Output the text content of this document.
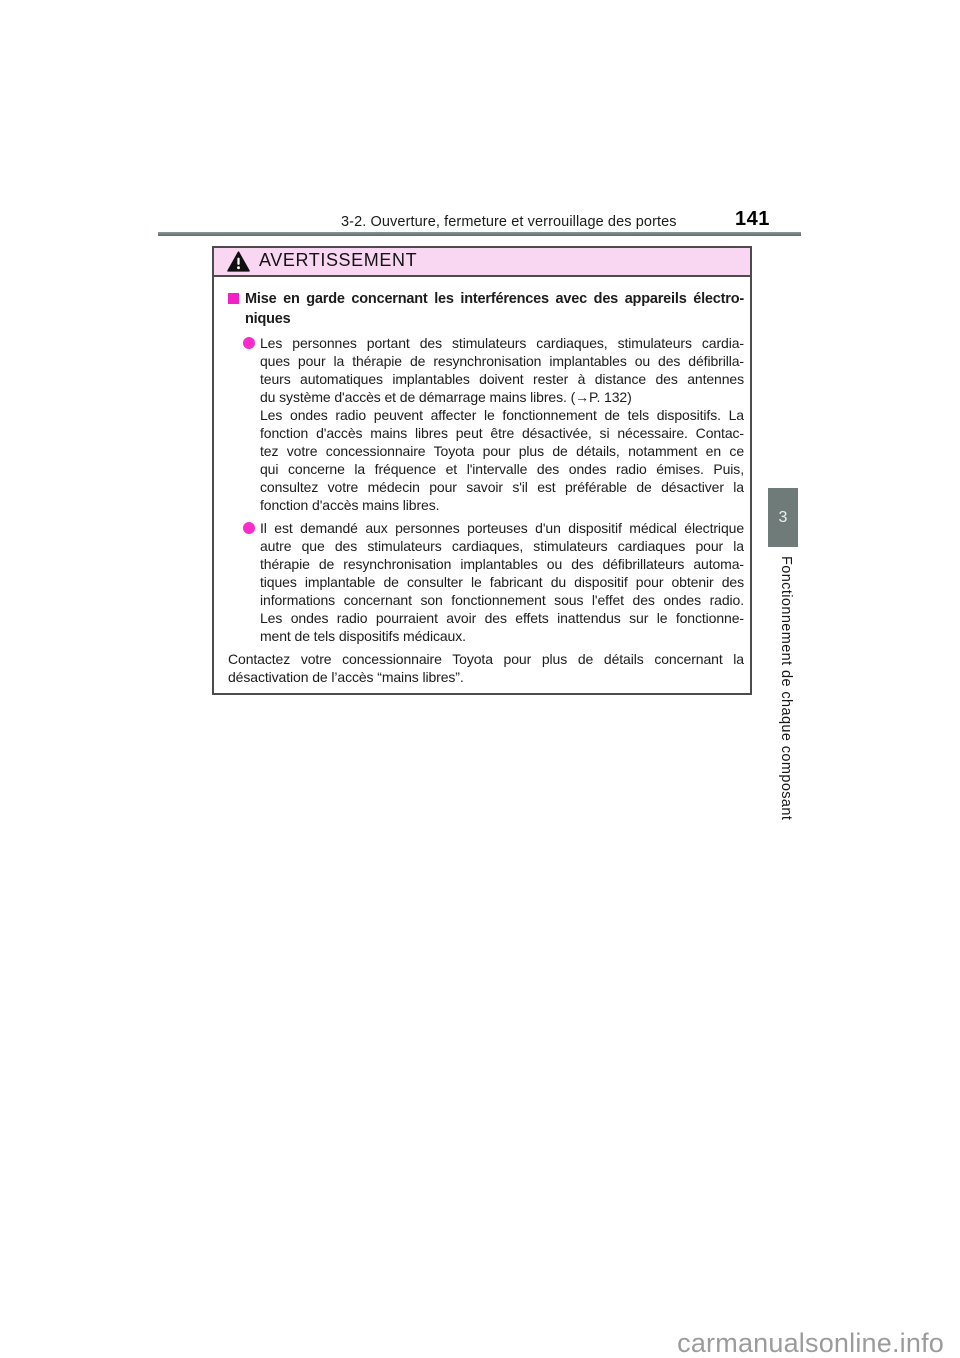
3-2. Ouverture, fermeture et verrouillage des portes	141
AVERTISSEMENT
Mise en garde concernant les interférences avec des appareils électro-
niques
Les personnes portant des stimulateurs cardiaques, stimulateurs cardia-
ques pour la thérapie de resynchronisation implantables ou des défibrilla-
teurs automatiques implantables doivent rester à distance des antennes
du système d'accès et de démarrage mains libres. (→P. 132)
Les ondes radio peuvent affecter le fonctionnement de tels dispositifs. La
fonction d'accès mains libres peut être désactivée, si nécessaire. Contac-
tez votre concessionnaire Toyota pour plus de détails, notamment en ce
qui concerne la fréquence et l'intervalle des ondes radio émises. Puis,
consultez votre médecin pour savoir s'il est préférable de désactiver la
fonction d'accès mains libres.
Il est demandé aux personnes porteuses d'un dispositif médical électrique
autre que des stimulateurs cardiaques, stimulateurs cardiaques pour la
thérapie de resynchronisation implantables ou des défibrillateurs automa-
tiques implantable de consulter le fabricant du dispositif pour obtenir des
informations concernant son fonctionnement sous l'effet des ondes radio.
Les ondes radio pourraient avoir des effets inattendus sur le fonctionne-
ment de tels dispositifs médicaux.
Contactez votre concessionnaire Toyota pour plus de détails concernant la
désactivation de l’accès “mains libres”.
3
Fonctionnement de chaque composant
carmanualsonline.info
